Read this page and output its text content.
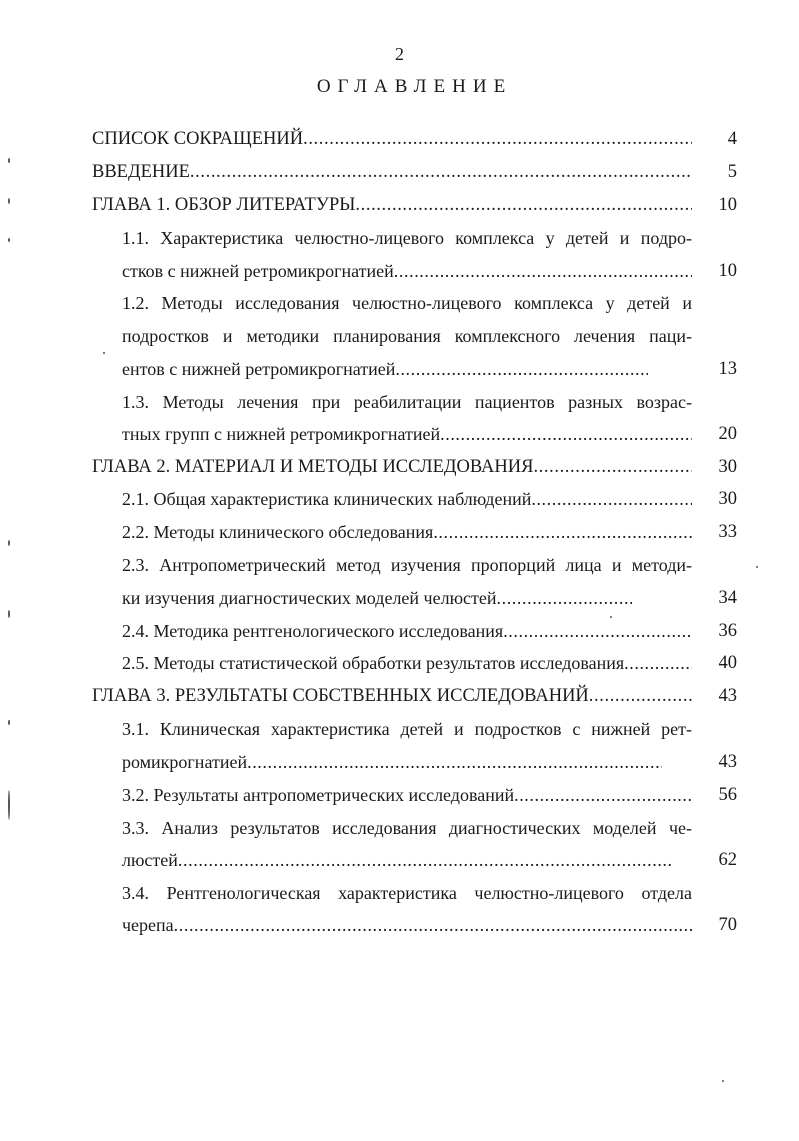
2
ОГЛАВЛЕНИЕ
СПИСОК СОКРАЩЕНИЙ .....	4
ВВЕДЕНИЕ .....	5
ГЛАВА 1. ОБЗОР ЛИТЕРАТУРЫ .....	10
1.1. Характеристика челюстно-лицевого комплекса у детей и подро-
стков с нижней ретромикрогнатией .....	10
1.2. Методы исследования челюстно-лицевого комплекса у детей и
подростков и методики планирования комплексного лечения паци-
ентов с нижней ретромикрогнатией .....	13
1.3. Методы лечения при реабилитации пациентов разных возрас-
тных групп с нижней ретромикрогнатией .....	20
ГЛАВА 2. МАТЕРИАЛ И МЕТОДЫ ИССЛЕДОВАНИЯ .....	30
2.1. Общая характеристика клинических наблюдений .....	30
2.2. Методы клинического обследования .....	33
2.3. Антропометрический метод изучения пропорций лица и методи-
ки изучения диагностических моделей челюстей .....	34
2.4. Методика рентгенологического исследования .....	36
2.5. Методы статистической обработки результатов исследования .....	40
ГЛАВА 3. РЕЗУЛЬТАТЫ СОБСТВЕННЫХ ИССЛЕДОВАНИЙ .....	43
3.1. Клиническая характеристика детей и подростков с нижней рет-
ромикрогнатией .....	43
3.2. Результаты антропометрических исследований .....	56
3.3. Анализ результатов исследования диагностических моделей че-
люстей .....	62
3.4. Рентгенологическая характеристика челюстно-лицевого отдела
черепа .....	70
